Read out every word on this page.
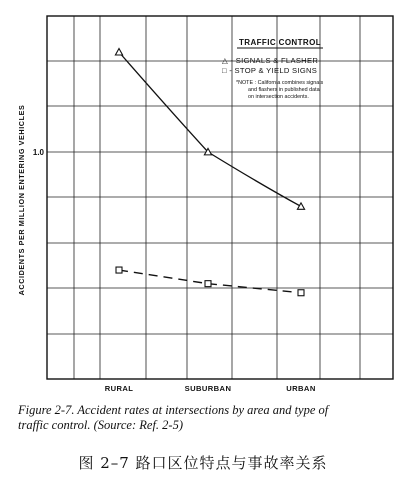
ACCIDENTS PER MILLION ENTERING VEHICLES 1.0
RURAL	SUBURBAN	URBAN
TRAFFIC CONTROL
△ - SIGNALS & FLASHER
□ - STOP & YIELD SIGNS
*NOTE : California combines signals
and flashers in published data
on intersection accidents.
Figure 2-7. Accident rates at intersections by area and type of
traffic control. (Source: Ref. 2-5)
图 2–7 路口区位特点与事故率关系
